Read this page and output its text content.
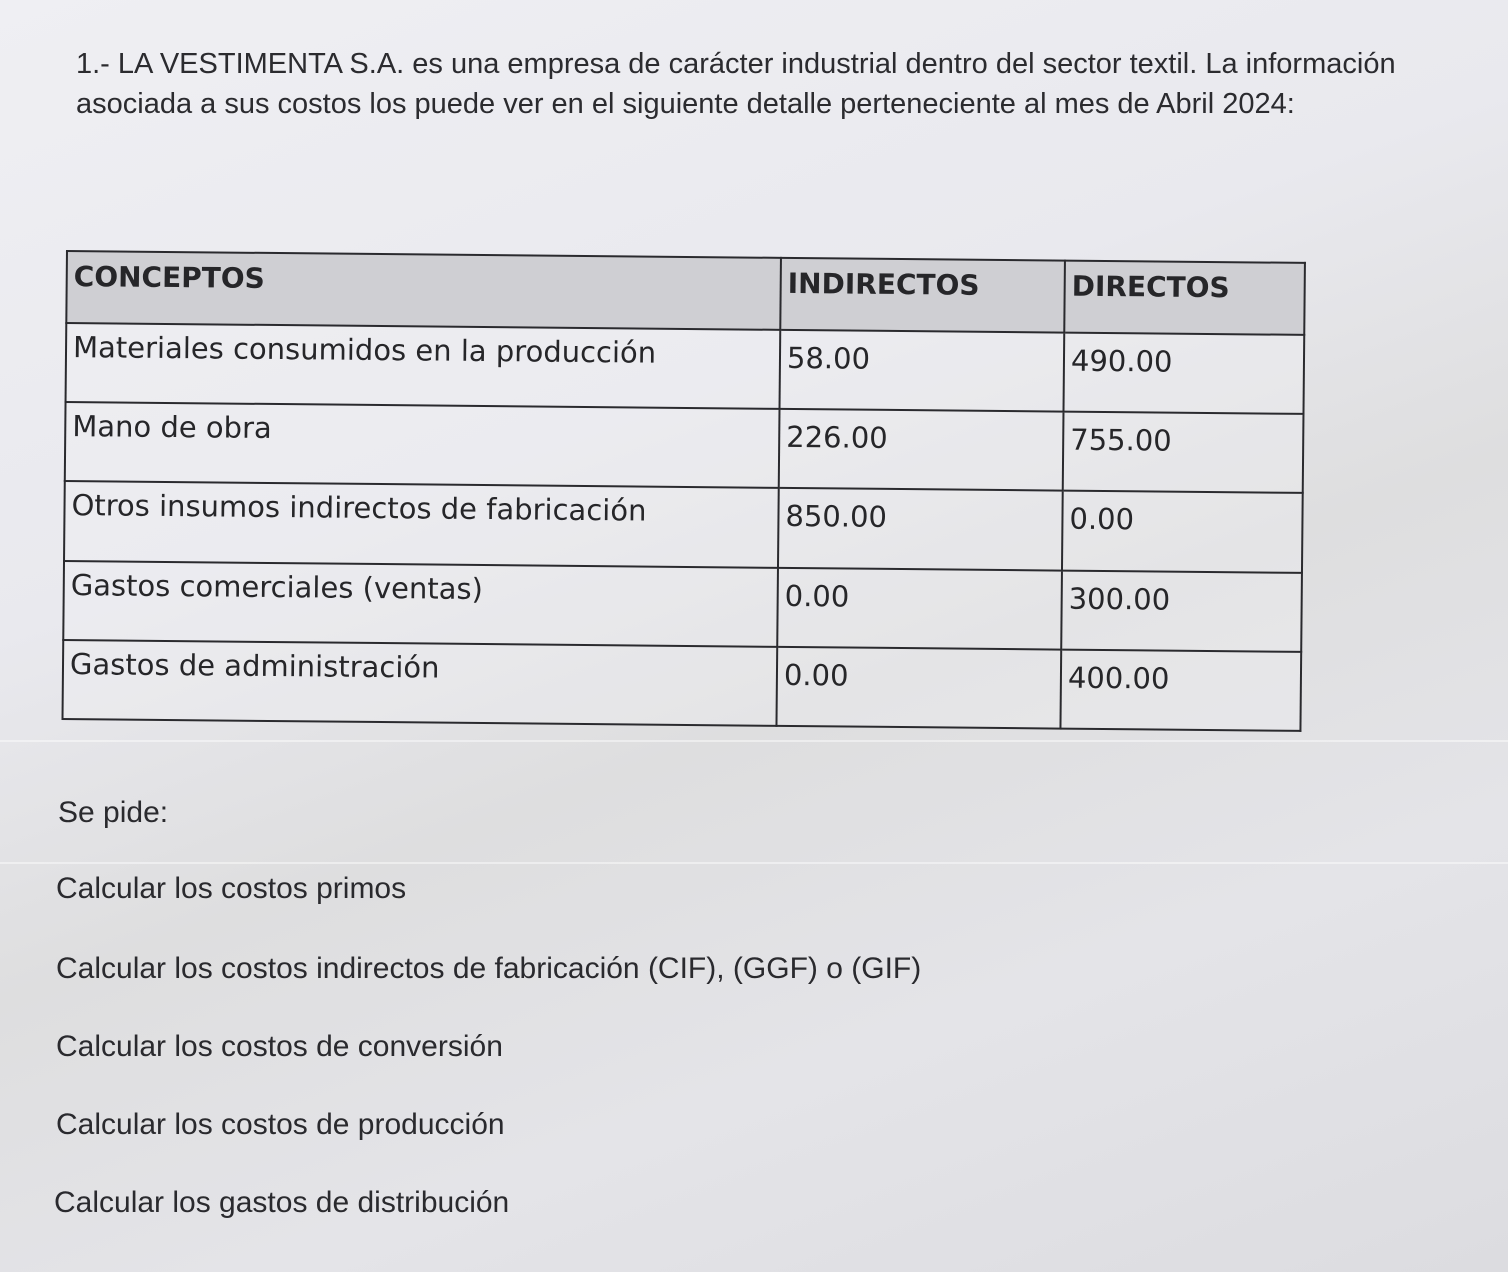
1.- LA VESTIMENTA S.A. es una empresa de carácter industrial dentro del sector textil. La información asociada a sus costos los puede ver en el siguiente detalle perteneciente al mes de Abril 2024:

CONCEPTOS	INDIRECTOS	DIRECTOS
Materiales consumidos en la producción	58.00	490.00
Mano de obra	226.00	755.00
Otros insumos indirectos de fabricación	850.00	0.00
Gastos comerciales (ventas)	0.00	300.00
Gastos de administración	0.00	400.00

Se pide:

Calcular los costos primos

Calcular los costos indirectos de fabricación (CIF), (GGF) o (GIF)

Calcular los costos de conversión

Calcular los costos de producción

Calcular los gastos de distribución
